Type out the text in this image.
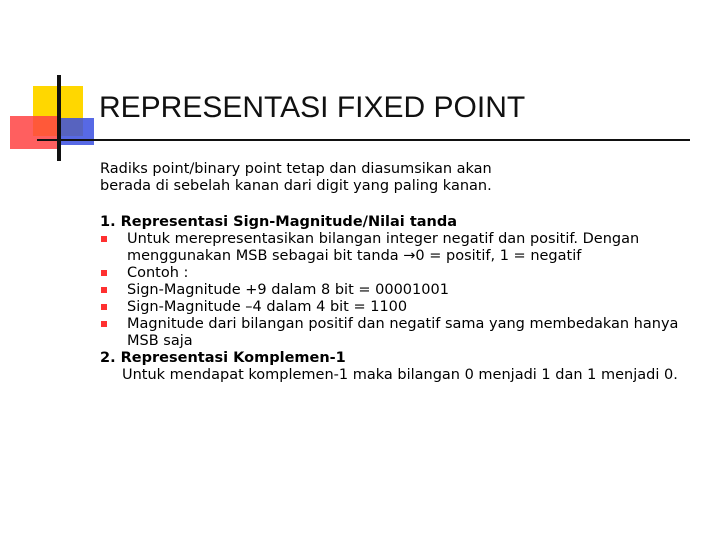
REPRESENTASI FIXED POINT

Radiks point/binary point tetap dan diasumsikan akan
berada di sebelah kanan dari digit yang paling kanan.

1. Representasi Sign-Magnitude/Nilai tanda

Untuk merepresentasikan bilangan integer negatif dan positif. Dengan menggunakan MSB sebagai bit tanda →0 = positif, 1 = negatif
Contoh :
Sign-Magnitude +9 dalam 8 bit = 00001001
Sign-Magnitude –4 dalam 4 bit = 1100
Magnitude dari bilangan positif dan negatif sama yang membedakan hanya MSB saja

2. Representasi Komplemen-1

Untuk mendapat komplemen-1 maka bilangan 0 menjadi 1 dan 1 menjadi 0.
